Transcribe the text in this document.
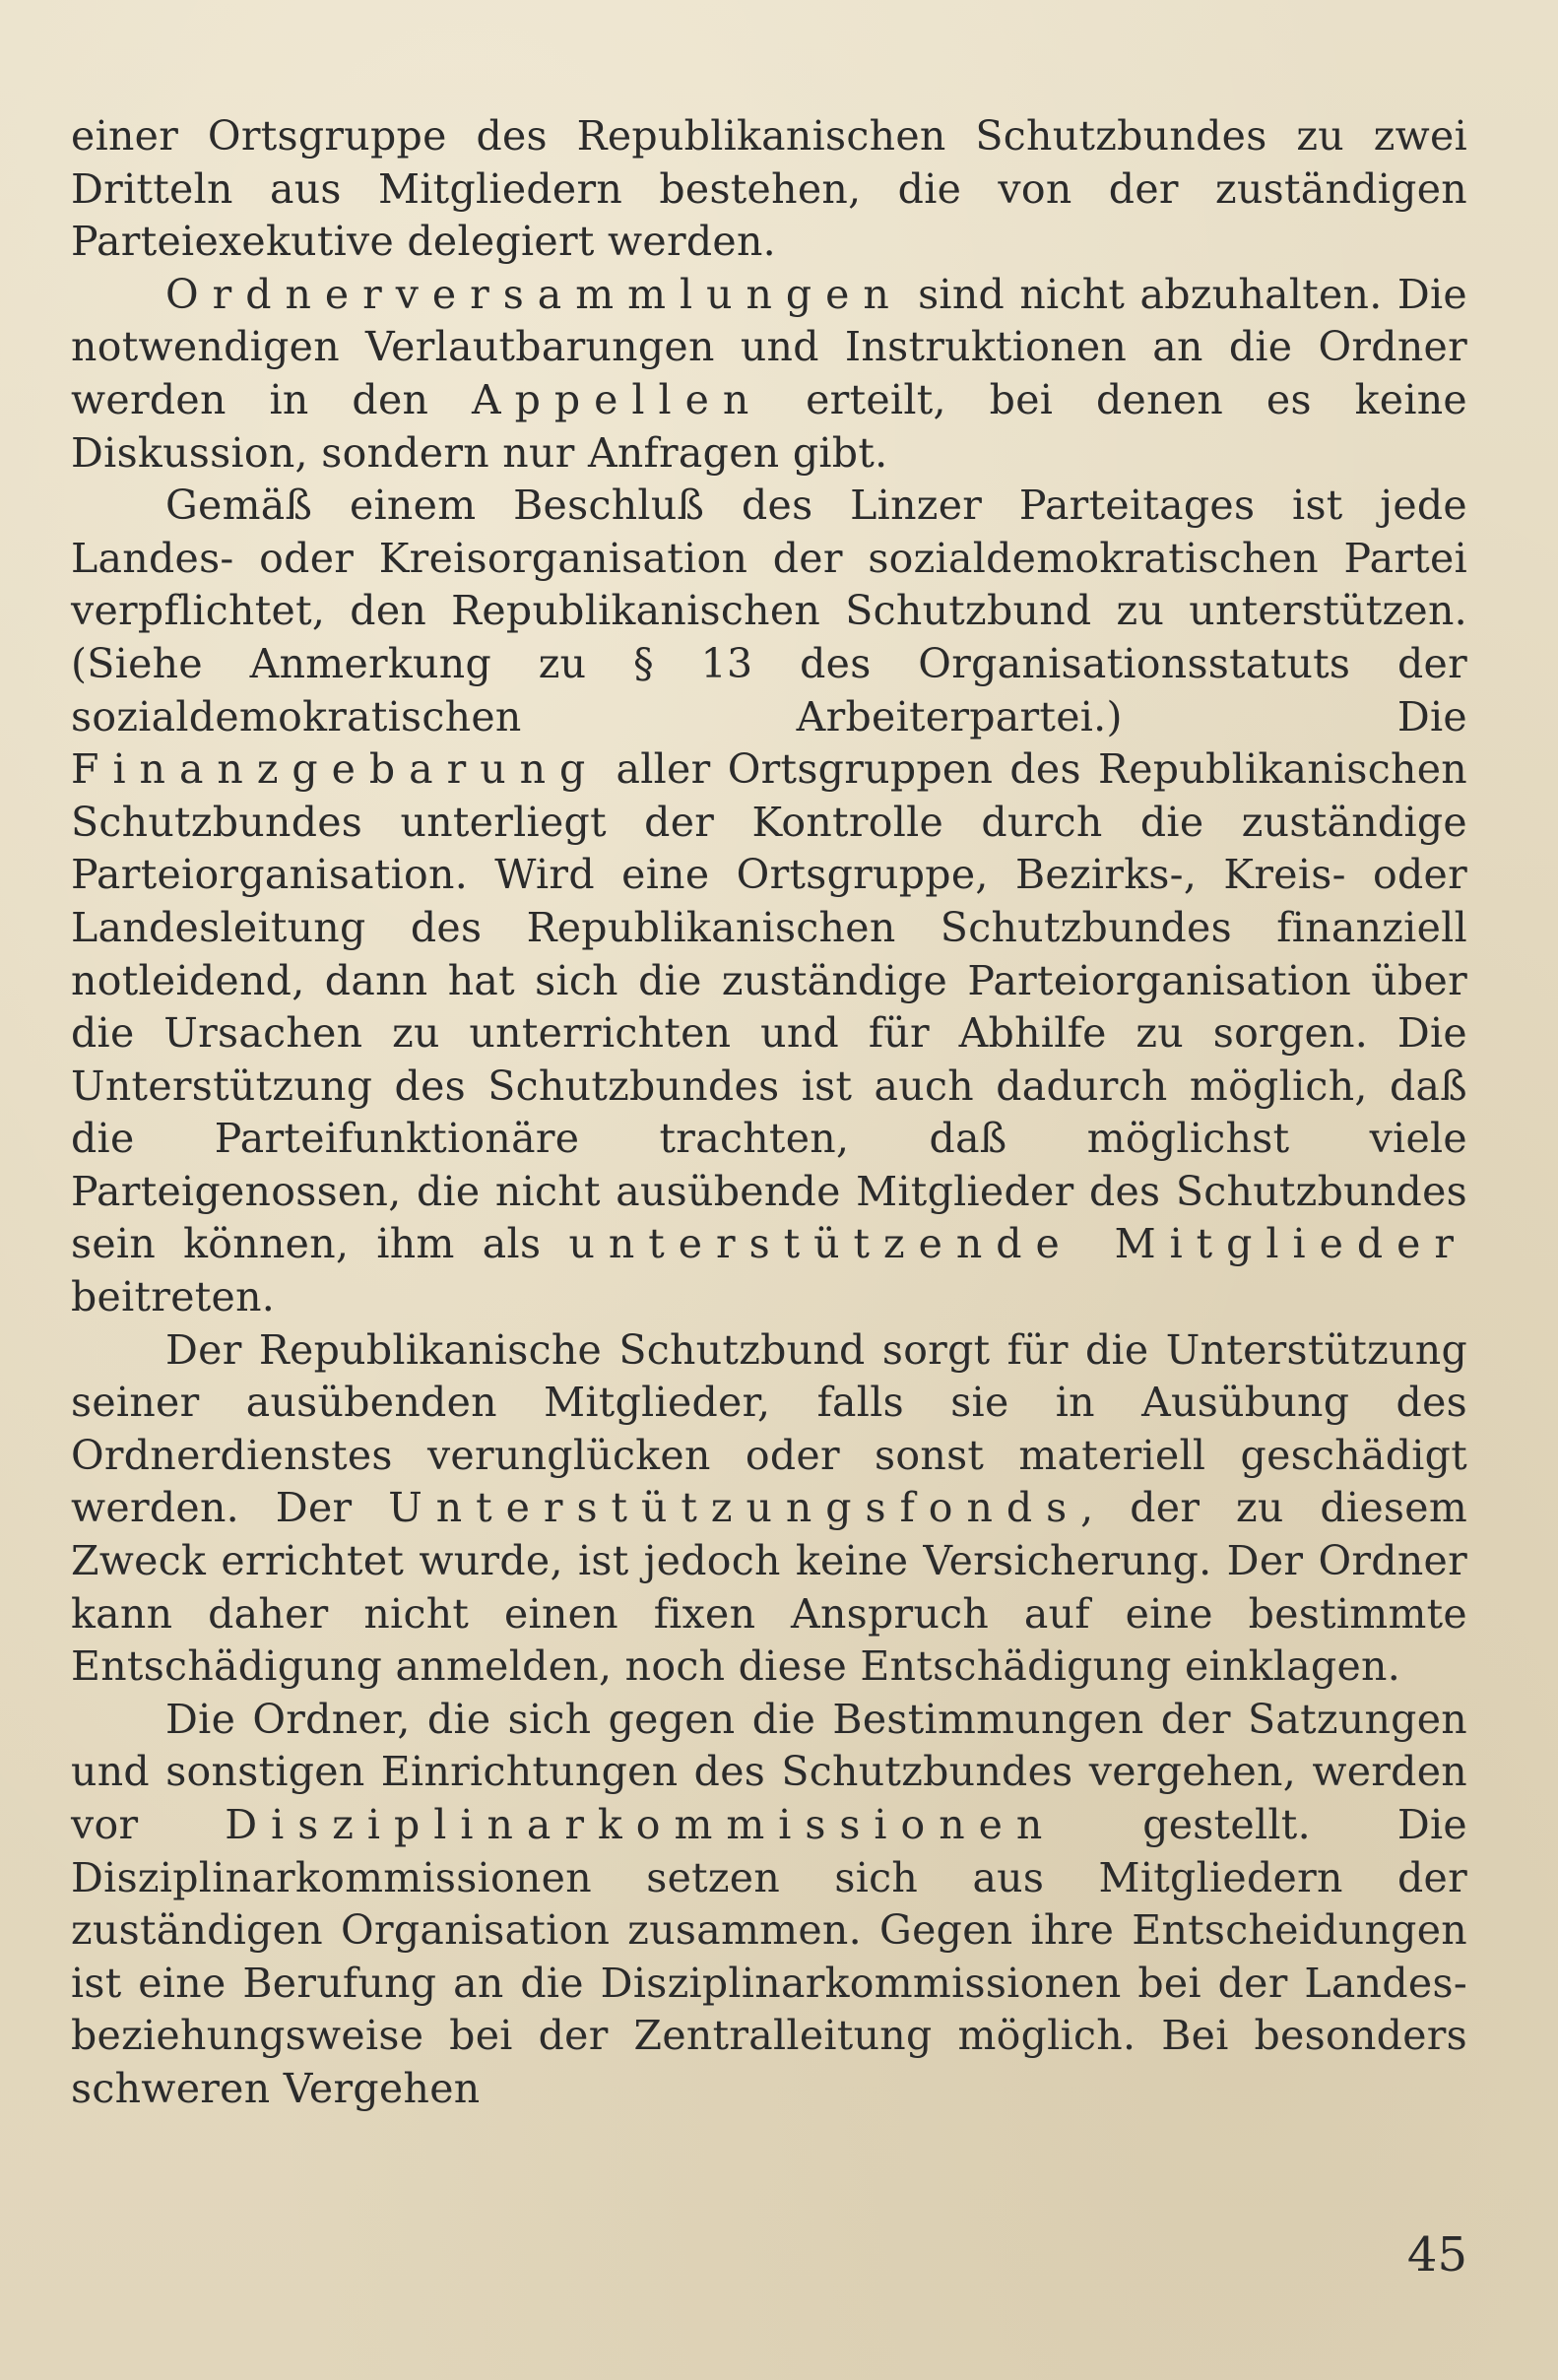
einer Ortsgruppe des Republikanischen Schutzbundes zu zwei Dritteln aus Mitgliedern bestehen, die von der zuständigen Parteiexekutive delegiert werden.

Ordnerversammlungen sind nicht abzuhalten. Die notwendigen Verlautbarungen und Instruktionen an die Ordner werden in den Appellen erteilt, bei denen es keine Diskussion, sondern nur Anfragen gibt.

Gemäß einem Beschluß des Linzer Parteitages ist jede Landes- oder Kreisorganisation der sozialdemokratischen Partei verpflichtet, den Republikanischen Schutzbund zu unterstützen. (Siehe Anmerkung zu § 13 des Organisationsstatuts der sozialdemokratischen Arbeiterpartei.) Die Finanzgebarung aller Ortsgruppen des Republikanischen Schutzbundes unterliegt der Kontrolle durch die zuständige Parteiorganisation. Wird eine Ortsgruppe, Bezirks-, Kreis- oder Landesleitung des Republikanischen Schutzbundes finanziell notleidend, dann hat sich die zuständige Parteiorganisation über die Ursachen zu unterrichten und für Abhilfe zu sorgen. Die Unterstützung des Schutzbundes ist auch dadurch möglich, daß die Parteifunktionäre trachten, daß möglichst viele Parteigenossen, die nicht ausübende Mitglieder des Schutzbundes sein können, ihm als unterstützende Mitglieder beitreten.

Der Republikanische Schutzbund sorgt für die Unterstützung seiner ausübenden Mitglieder, falls sie in Ausübung des Ordnerdienstes verunglücken oder sonst materiell geschädigt werden. Der Unterstützungsfonds, der zu diesem Zweck errichtet wurde, ist jedoch keine Versicherung. Der Ordner kann daher nicht einen fixen Anspruch auf eine bestimmte Entschädigung anmelden, noch diese Entschädigung einklagen.

Die Ordner, die sich gegen die Bestimmungen der Satzungen und sonstigen Einrichtungen des Schutzbundes vergehen, werden vor Disziplinarkommissionen gestellt. Die Disziplinarkommissionen setzen sich aus Mitgliedern der zuständigen Organisation zusammen. Gegen ihre Entscheidungen ist eine Berufung an die Disziplinarkommissionen bei der Landes- beziehungsweise bei der Zentralleitung möglich. Bei besonders schweren Vergehen

45
